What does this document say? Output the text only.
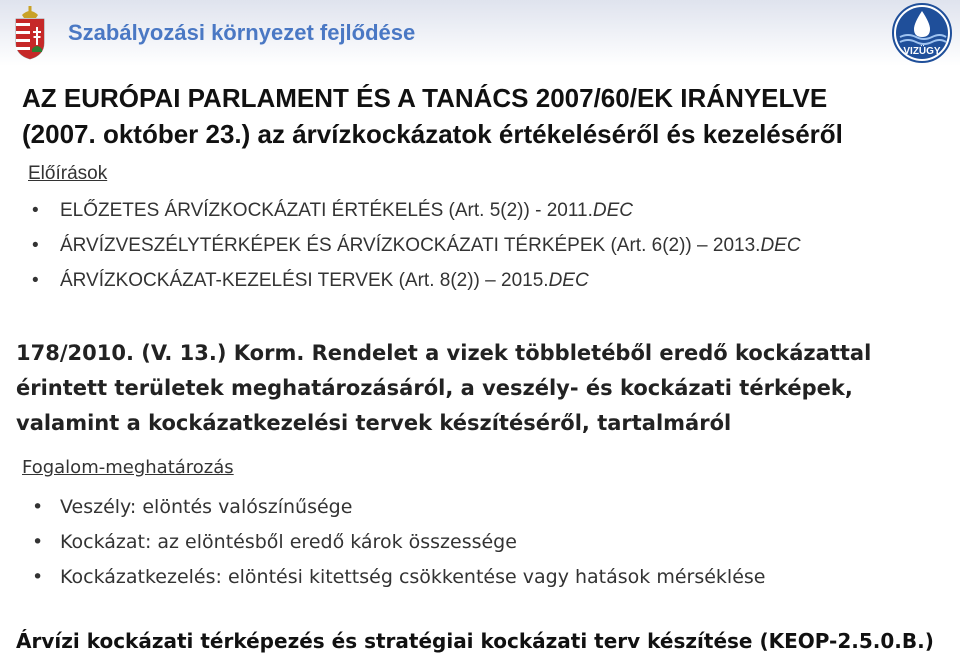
Szabályozási környezet fejlődése
VIZÜGY
AZ EURÓPAI PARLAMENT ÉS A TANÁCS 2007/60/EK IRÁNYELVE
(2007. október 23.) az árvízkockázatok értékeléséről és kezeléséről
Előírások
• ELŐZETES ÁRVÍZKOCKÁZATI ÉRTÉKELÉS (Art. 5(2)) - 2011.DEC
• ÁRVÍZVESZÉLYTÉRKÉPEK ÉS ÁRVÍZKOCKÁZATI TÉRKÉPEK (Art. 6(2)) – 2013.DEC
• ÁRVÍZKOCKÁZAT-KEZELÉSI TERVEK (Art. 8(2)) – 2015.DEC
178/2010. (V. 13.) Korm. Rendelet a vizek többletéből eredő kockázattal
érintett területek meghatározásáról, a veszély- és kockázati térképek,
valamint a kockázatkezelési tervek készítéséről, tartalmáról
Fogalom-meghatározás
• Veszély: elöntés valószínűsége
• Kockázat: az elöntésből eredő károk összessége
• Kockázatkezelés: elöntési kitettség csökkentése vagy hatások mérséklése
Árvízi kockázati térképezés és stratégiai kockázati terv készítése (KEOP-2.5.0.B.)
